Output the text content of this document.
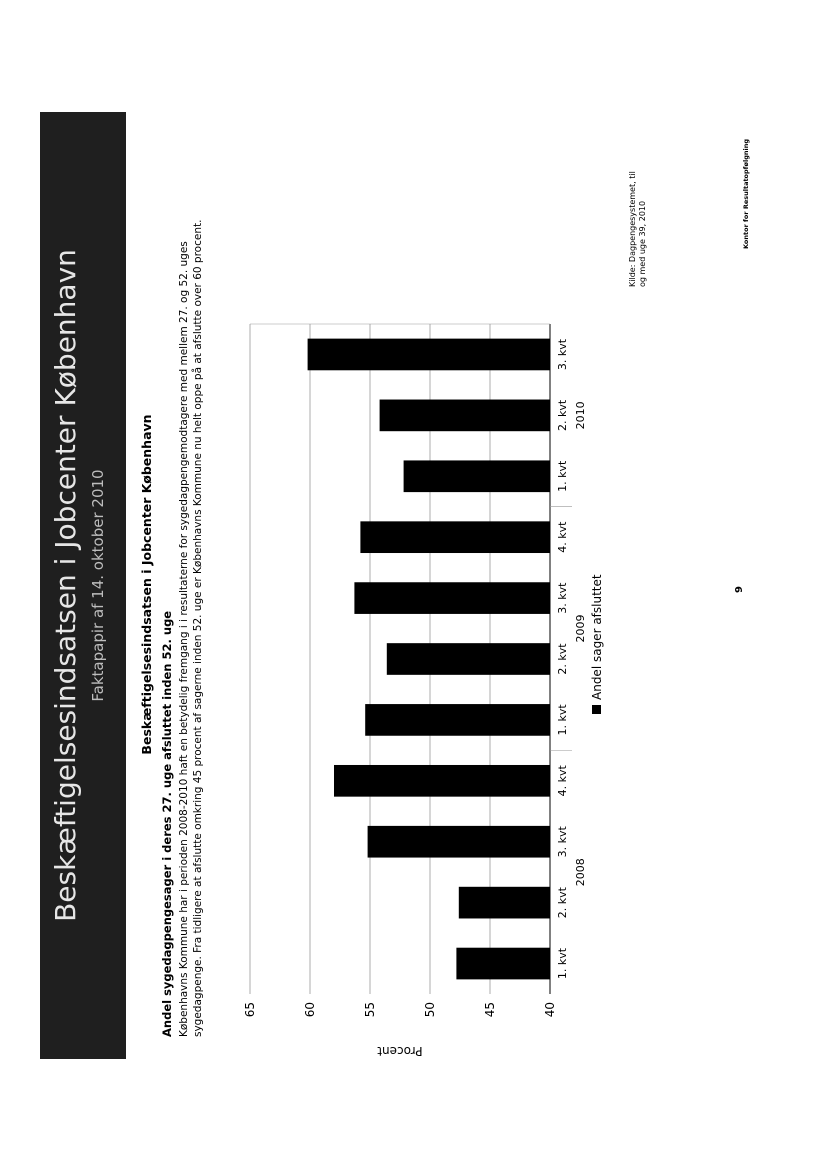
Beskæftigelsesindsatsen i Jobcenter København Faktapapir af 14. oktober 2010	Beskæftigelsesindsatsen i Jobcenter København
Andel sygedagpengesager i deres 27. uge afsluttet inden 52. uge Københavns Kommune har i perioden 2008-2010 haft en betydelig fremgang i i resultaterne for sygedagpengemodtagere med mellem 27. og 52. uges sygedagpenge. Fra tidligere at afslutte omkring 45 procent af sagerne inden 52. uge er Københavns Kommune nu helt oppe på at afslutte over 60 procent.	40
45
50
55
60
65
Procent
1. kvt
2. kvt
3. kvt
4. kvt
1. kvt
2. kvt
3. kvt
4. kvt
1. kvt
2. kvt
3. kvt
2008
2009
2010
Andel sager afsluttet
Kilde: Dagpengesystemet, til og med uge 39, 2010
9
Kontor for Resultatopfølgning
